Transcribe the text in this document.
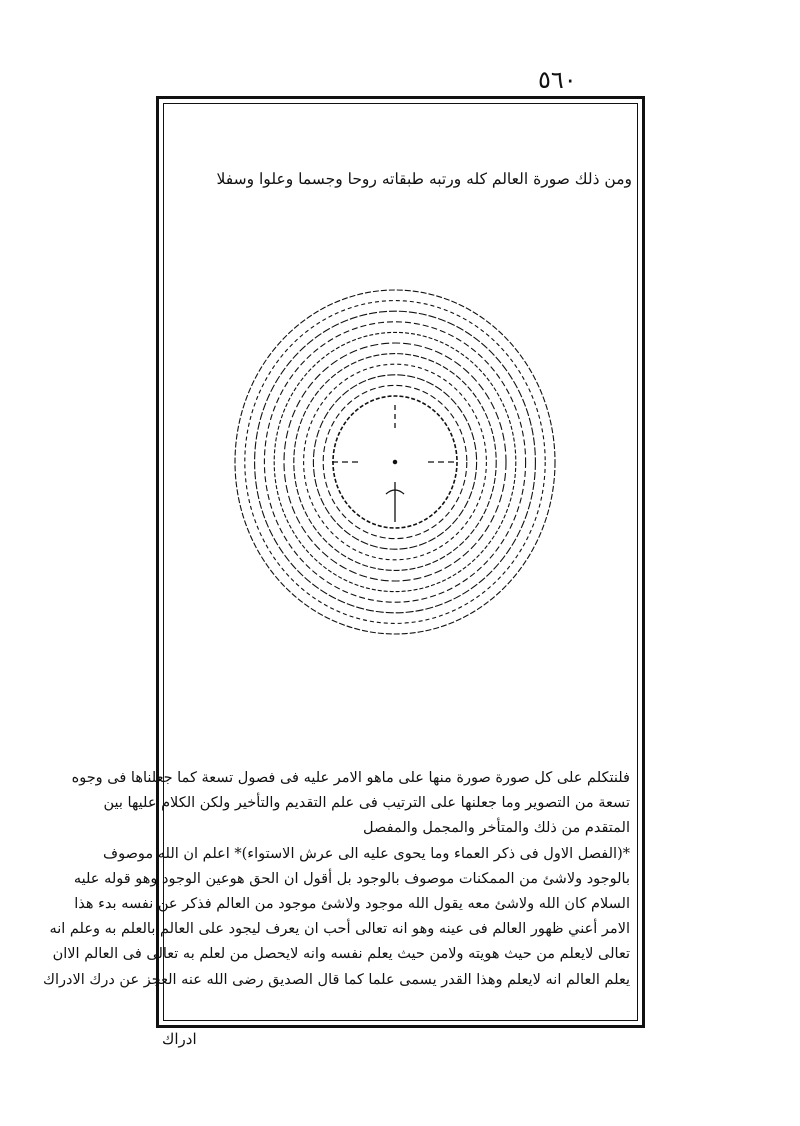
٥٦٠
ومن ذلك صورة العالم كله ورتبه طبقاته روحا وجسما وعلوا وسفلا
فلنتكلم على كل صورة صورة منها على ماهو الامر عليه فى فصول تسعة كما جعلناها فى وجوه
تسعة من التصوير وما جعلنها على الترتيب فى علم التقديم والتأخير ولكن الكلام عليها بين
المتقدم من ذلك والمتأخر والمجمل والمفصل
*(الفصل الاول فى ذكر العماء وما يحوى عليه الى عرش الاستواء)* اعلم ان الله موصوف
بالوجود ولاشئ من الممكنات موصوف بالوجود بل أقول ان الحق هوعين الوجود وهو قوله عليه
السلام كان الله ولاشئ معه يقول الله موجود ولاشئ موجود من العالم فذكر عن نفسه بدء هذا
الامر أعني ظهور العالم فى عينه وهو انه تعالى أحب ان يعرف ليجود على العالم بالعلم به وعلم انه
تعالى لايعلم من حيث هويته ولامن حيث يعلم نفسه وانه لايحصل من لعلم به تعالى فى العالم الاان
يعلم العالم انه لايعلم وهذا القدر يسمى علما كما قال الصديق رضى الله عنه العجز عن درك الادراك
ادراك
